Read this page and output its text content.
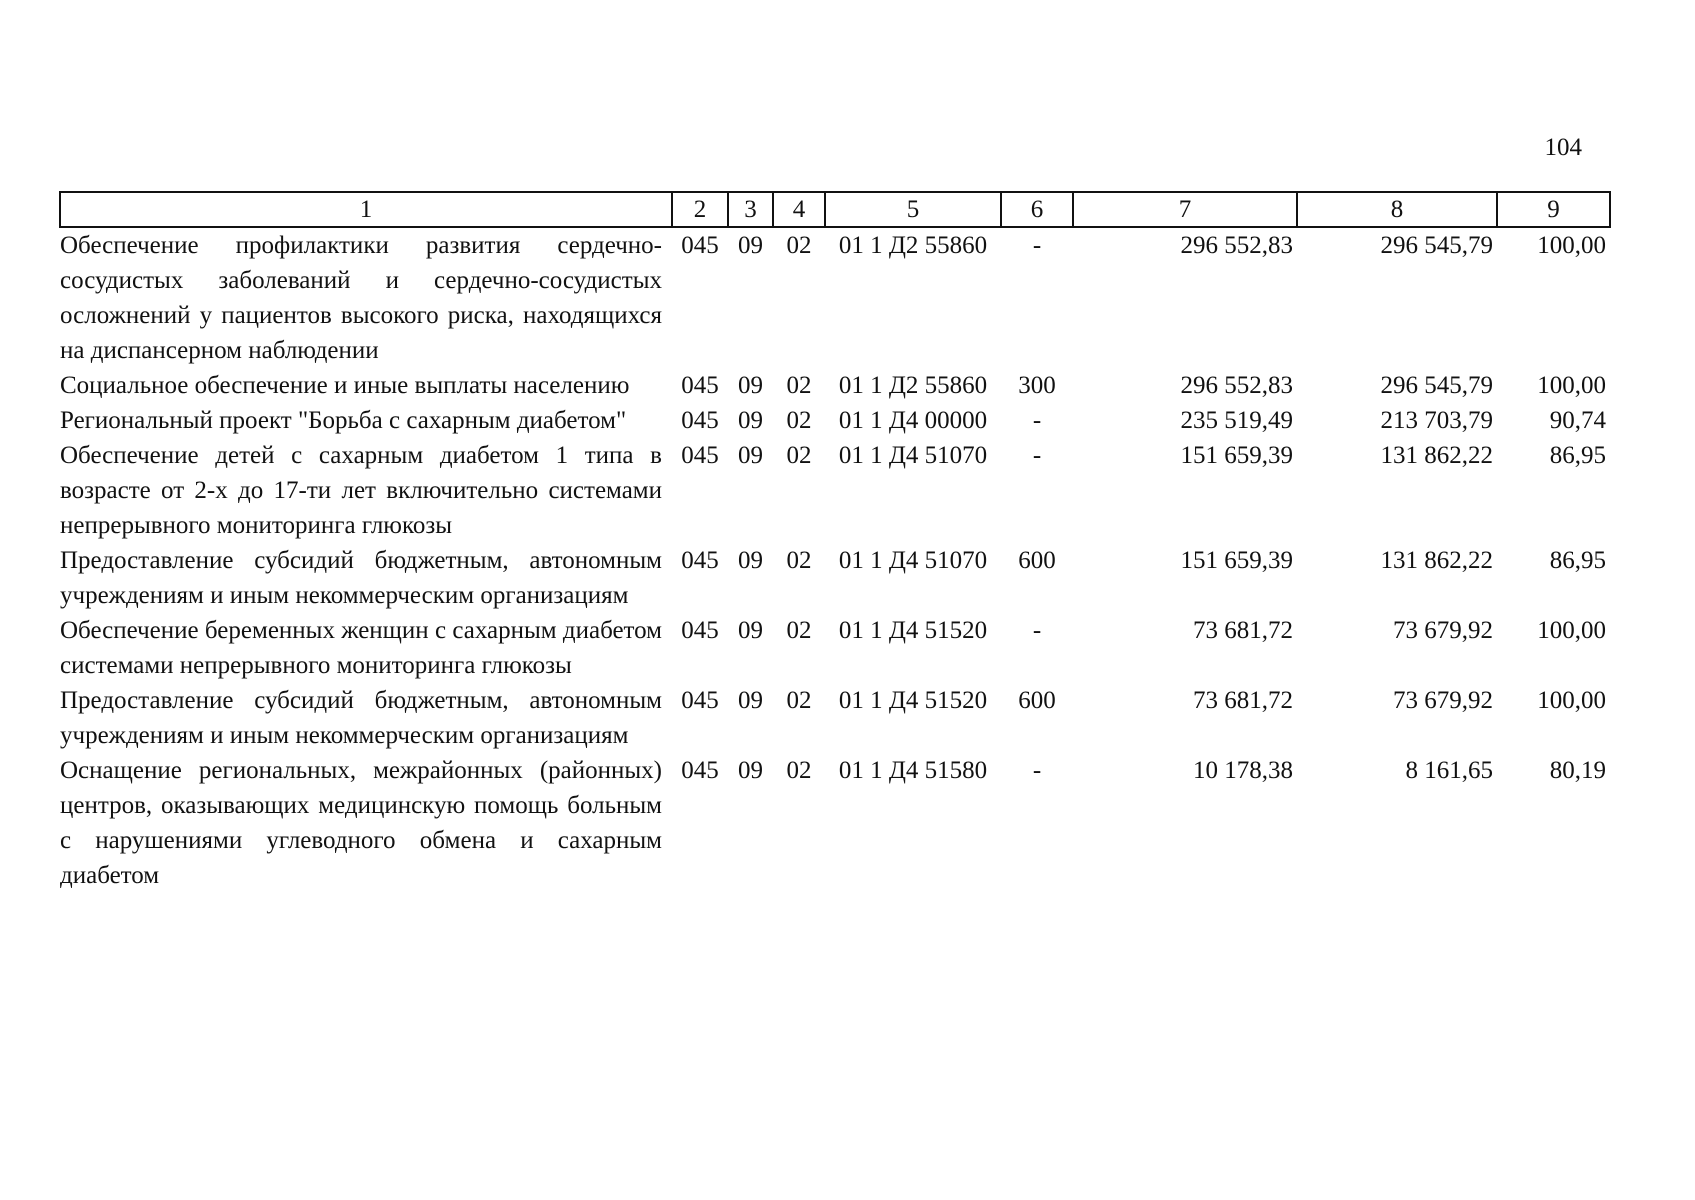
104
1	2	3	4	5	6	7	8	9
Обеспечение профилактики развития сердечно-сосудистых заболеваний и сердечно-сосудистых осложнений у пациентов высокого риска, находящихся на диспансерном наблюдении	045	09	02	01 1 Д2 55860	-	296 552,83	296 545,79	100,00
Социальное обеспечение и иные выплаты населению	045	09	02	01 1 Д2 55860	300	296 552,83	296 545,79	100,00
Региональный проект "Борьба с сахарным диабетом"	045	09	02	01 1 Д4 00000	-	235 519,49	213 703,79	90,74
Обеспечение детей с сахарным диабетом 1 типа в возрасте от 2-х до 17-ти лет включительно системами непрерывного мониторинга глюкозы	045	09	02	01 1 Д4 51070	-	151 659,39	131 862,22	86,95
Предоставление субсидий бюджетным, автономным учреждениям и иным некоммерческим организациям	045	09	02	01 1 Д4 51070	600	151 659,39	131 862,22	86,95
Обеспечение беременных женщин с сахарным диабетом системами непрерывного мониторинга глюкозы	045	09	02	01 1 Д4 51520	-	73 681,72	73 679,92	100,00
Предоставление субсидий бюджетным, автономным учреждениям и иным некоммерческим организациям	045	09	02	01 1 Д4 51520	600	73 681,72	73 679,92	100,00
Оснащение региональных, межрайонных (районных) центров, оказывающих медицинскую помощь больным с нарушениями углеводного обмена и сахарным диабетом	045	09	02	01 1 Д4 51580	-	10 178,38	8 161,65	80,19
